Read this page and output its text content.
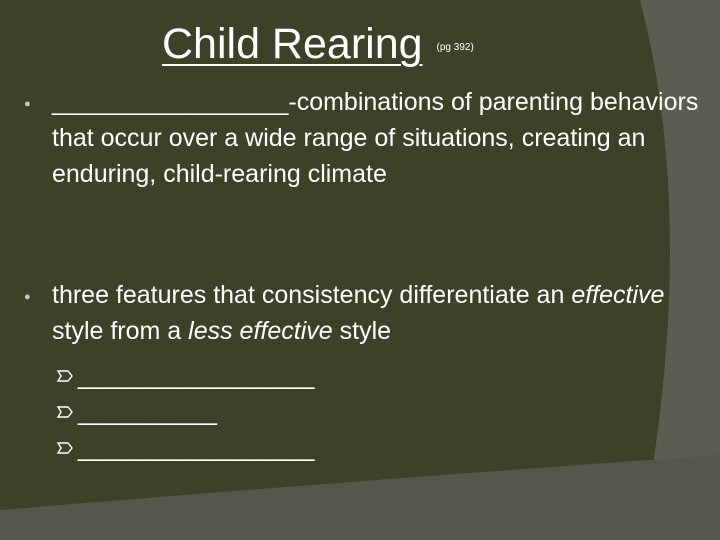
Child Rearing (pg 392)
● _________________-combinations of parenting behaviors that occur over a wide range of situations, creating an enduring, child-rearing climate
● three features that consistency differentiate an effective style from a less effective style
_________________
__________
_________________
